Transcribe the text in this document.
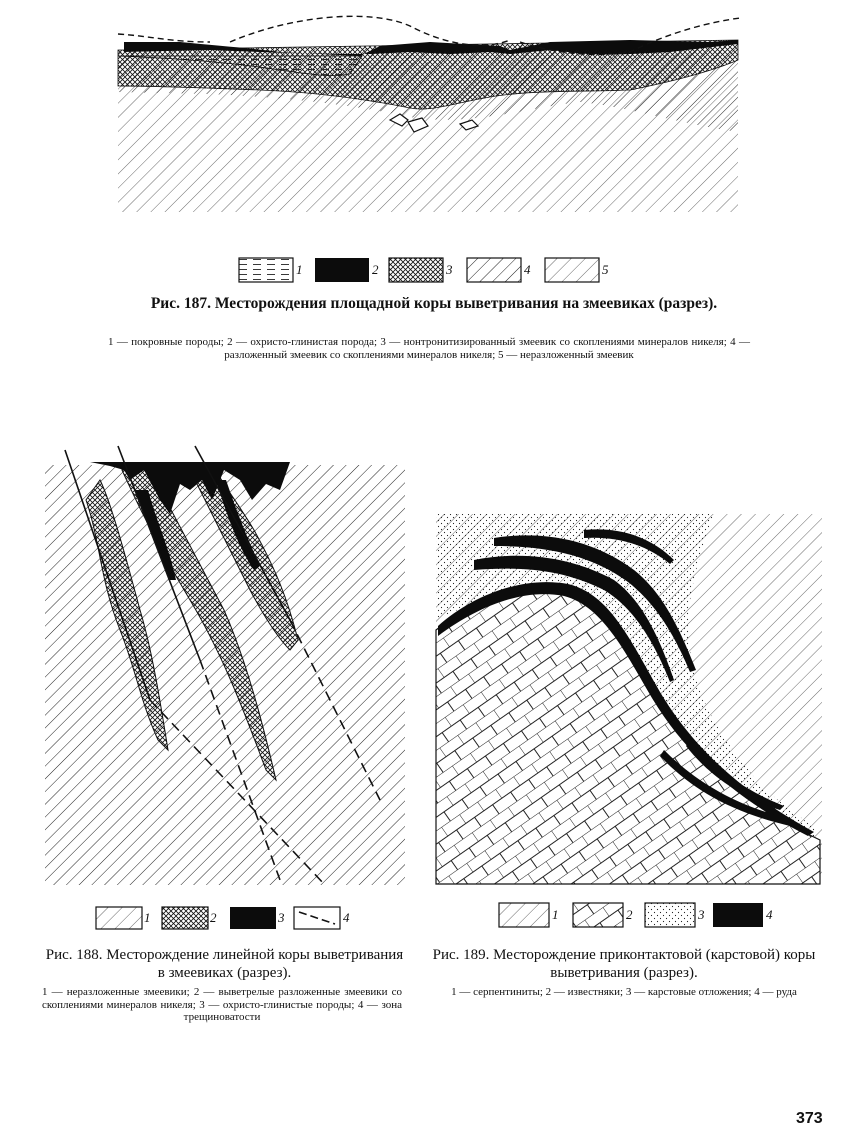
1	2	3	4	5
Рис. 187. Месторождения площадной коры выветривания на змеевиках (разрез).
1 — покровные породы; 2 — охристо-глинистая порода; 3 — нонтронитизированный змеевик со скоплениями минералов никеля; 4 — разложенный змеевик со скоплениями минералов никеля; 5 — неразложенный змеевик
1	2	3	4
Рис. 188. Месторождение линейной коры выветривания в змеевиках (разрез).
1 — неразложенные змеевики; 2 — выветрелые разложенные змеевики со скоплениями минералов никеля; 3 — охристо-глинистые породы; 4 — зона трещиноватости
1	2	3	4
Рис. 189. Месторождение приконтактовой (карстовой) коры выветривания (разрез).
1 — серпентиниты; 2 — известняки; 3 — карстовые отложения; 4 — руда
373
